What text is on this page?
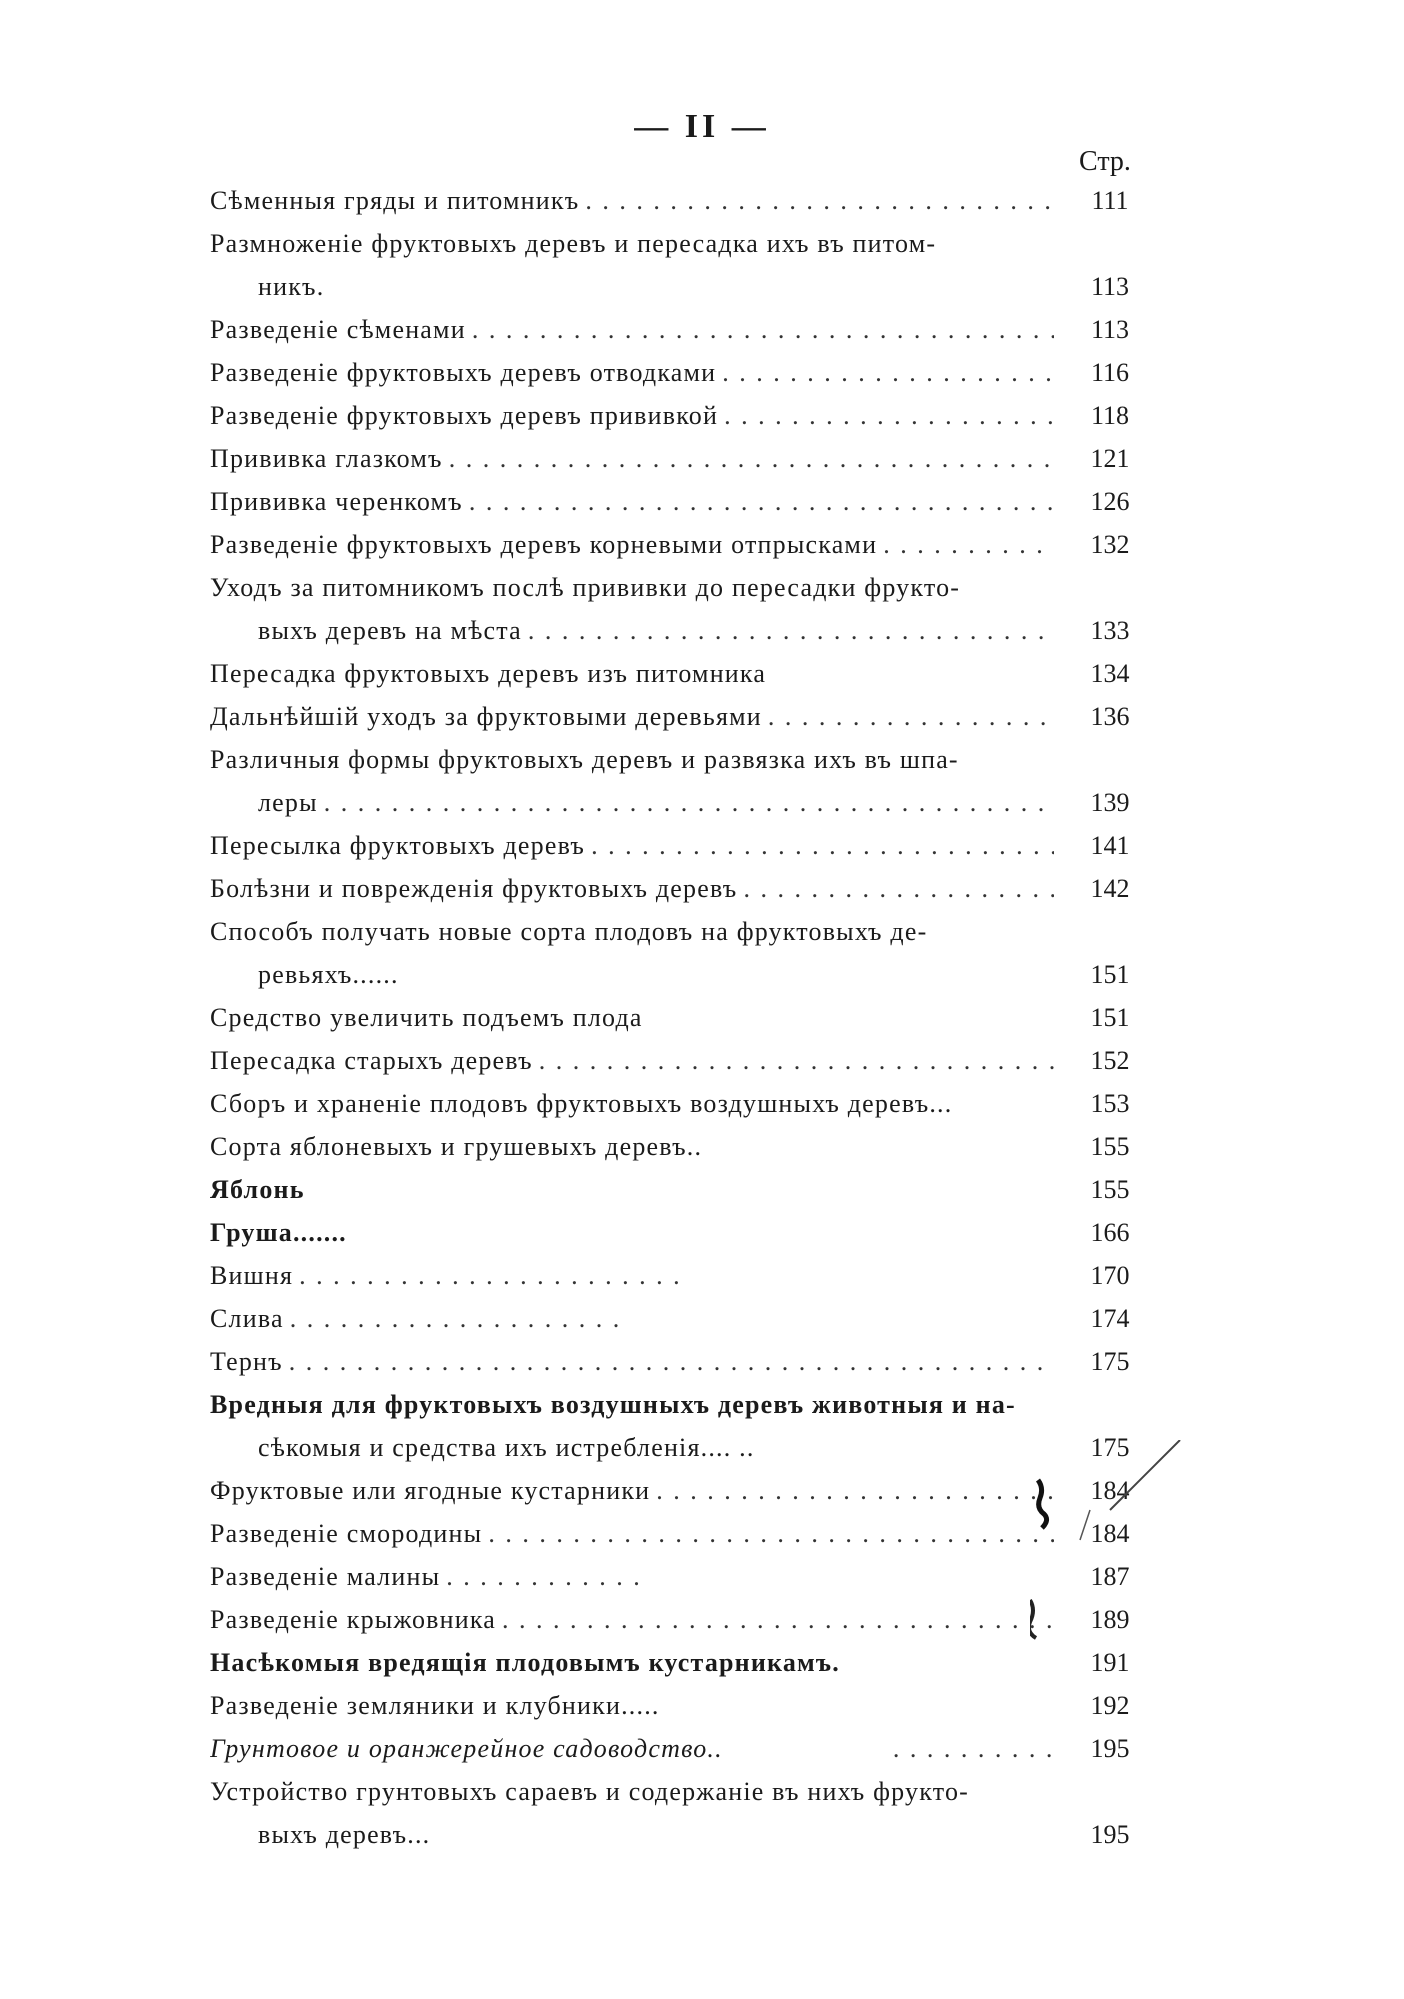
— II —
Стр.
Сѣменныя гряды и питомникъ . . .	111
Размноженіе фруктовыхъ деревъ и пересадка ихъ въ питом-
никъ.	113
Разведеніе сѣменами . . .	113
Разведеніе фруктовыхъ деревъ отводками . . .	116
Разведеніе фруктовыхъ деревъ прививкой . . .	118
Прививка глазкомъ . . .	121
Прививка черенкомъ . . .	126
Разведеніе фруктовыхъ деревъ корневыми отпрысками . . .	132
Уходъ за питомникомъ послѣ прививки до пересадки фрукто-
выхъ деревъ на мѣста . . .	133
Пересадка фруктовыхъ деревъ изъ питомника	134
Дальнѣйшій уходъ за фруктовыми деревьями . . .	136
Различныя формы фруктовыхъ деревъ и развязка ихъ въ шпа-
леры . . .	139
Пересылка фруктовыхъ деревъ . . .	141
Болѣзни и поврежденія фруктовыхъ деревъ . . .	142
Способъ получать новые сорта плодовъ на фруктовыхъ де-
ревьяхъ......	151
Средство увеличить подъемъ плода	151
Пересадка старыхъ деревъ . . .	152
Сборъ и храненіе плодовъ фруктовыхъ воздушныхъ деревъ...	153
Сорта яблоневыхъ и грушевыхъ деревъ..	155
Яблонь	155
Груша.......	166
Вишня . . .	170
Слива . . .	174
Тернъ . . .	175
Вредныя для фруктовыхъ воздушныхъ деревъ животныя и на-
сѣкомыя и средства ихъ истребленія.... ..	175
Фруктовые или ягодные кустарники . . .	184
Разведеніе смородины . . .	184
Разведеніе малины . . .	187
Разведеніе крыжовника . . .	189
Насѣкомыя вредящія плодовымъ кустарникамъ.	191
Разведеніе земляники и клубники.....	192
Грунтовое и оранжерейное садоводство.. . . .	195
Устройство грунтовыхъ сараевъ и содержаніе въ нихъ фрукто-
выхъ деревъ...	195
